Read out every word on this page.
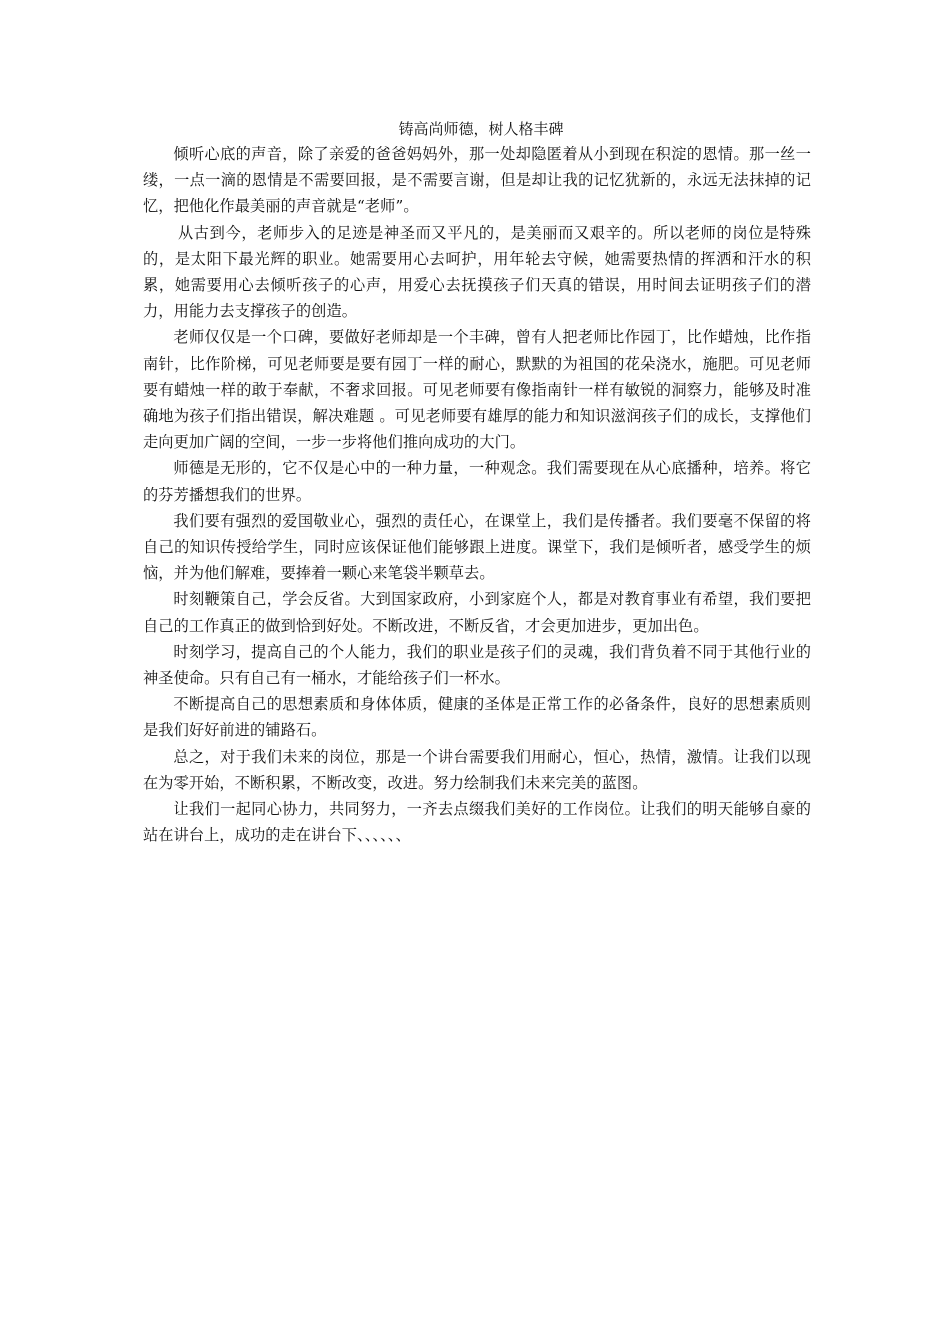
铸高尚师德，树人格丰碑

倾听心底的声音，除了亲爱的爸爸妈妈外，那一处却隐匿着从小到现在积淀的恩情。那一丝一缕，一点一滴的恩情是不需要回报，是不需要言谢，但是却让我的记忆犹新的，永远无法抹掉的记忆，把他化作最美丽的声音就是“老师”。

从古到今，老师步入的足迹是神圣而又平凡的，是美丽而又艰辛的。所以老师的岗位是特殊的，是太阳下最光辉的职业。她需要用心去呵护，用年轮去守候，她需要热情的挥洒和汗水的积累，她需要用心去倾听孩子的心声，用爱心去抚摸孩子们天真的错误，用时间去证明孩子们的潜力，用能力去支撑孩子的创造。

老师仅仅是一个口碑，要做好老师却是一个丰碑，曾有人把老师比作园丁，比作蜡烛，比作指南针，比作阶梯，可见老师要是要有园丁一样的耐心，默默的为祖国的花朵浇水，施肥。可见老师要有蜡烛一样的敢于奉献，不奢求回报。可见老师要有像指南针一样有敏锐的洞察力，能够及时准确地为孩子们指出错误，解决难题 。可见老师要有雄厚的能力和知识滋润孩子们的成长，支撑他们走向更加广阔的空间，一步一步将他们推向成功的大门。

师德是无形的，它不仅是心中的一种力量，一种观念。我们需要现在从心底播种，培养。将它的芬芳播想我们的世界。

我们要有强烈的爱国敬业心，强烈的责任心，在课堂上，我们是传播者。我们要毫不保留的将自己的知识传授给学生，同时应该保证他们能够跟上进度。课堂下，我们是倾听者，感受学生的烦恼，并为他们解难，要捧着一颗心来笔袋半颗草去。

时刻鞭策自己，学会反省。大到国家政府，小到家庭个人，都是对教育事业有希望，我们要把自己的工作真正的做到恰到好处。不断改进，不断反省，才会更加进步，更加出色。

时刻学习，提高自己的个人能力，我们的职业是孩子们的灵魂，我们背负着不同于其他行业的神圣使命。只有自己有一桶水，才能给孩子们一杯水。

不断提高自己的思想素质和身体体质，健康的圣体是正常工作的必备条件，良好的思想素质则是我们好好前进的铺路石。

总之，对于我们未来的岗位，那是一个讲台需要我们用耐心，恒心，热情，激情。让我们以现在为零开始，不断积累，不断改变，改进。努力绘制我们未来完美的蓝图。

让我们一起同心协力，共同努力，一齐去点缀我们美好的工作岗位。让我们的明天能够自豪的站在讲台上，成功的走在讲台下、、、、、、
